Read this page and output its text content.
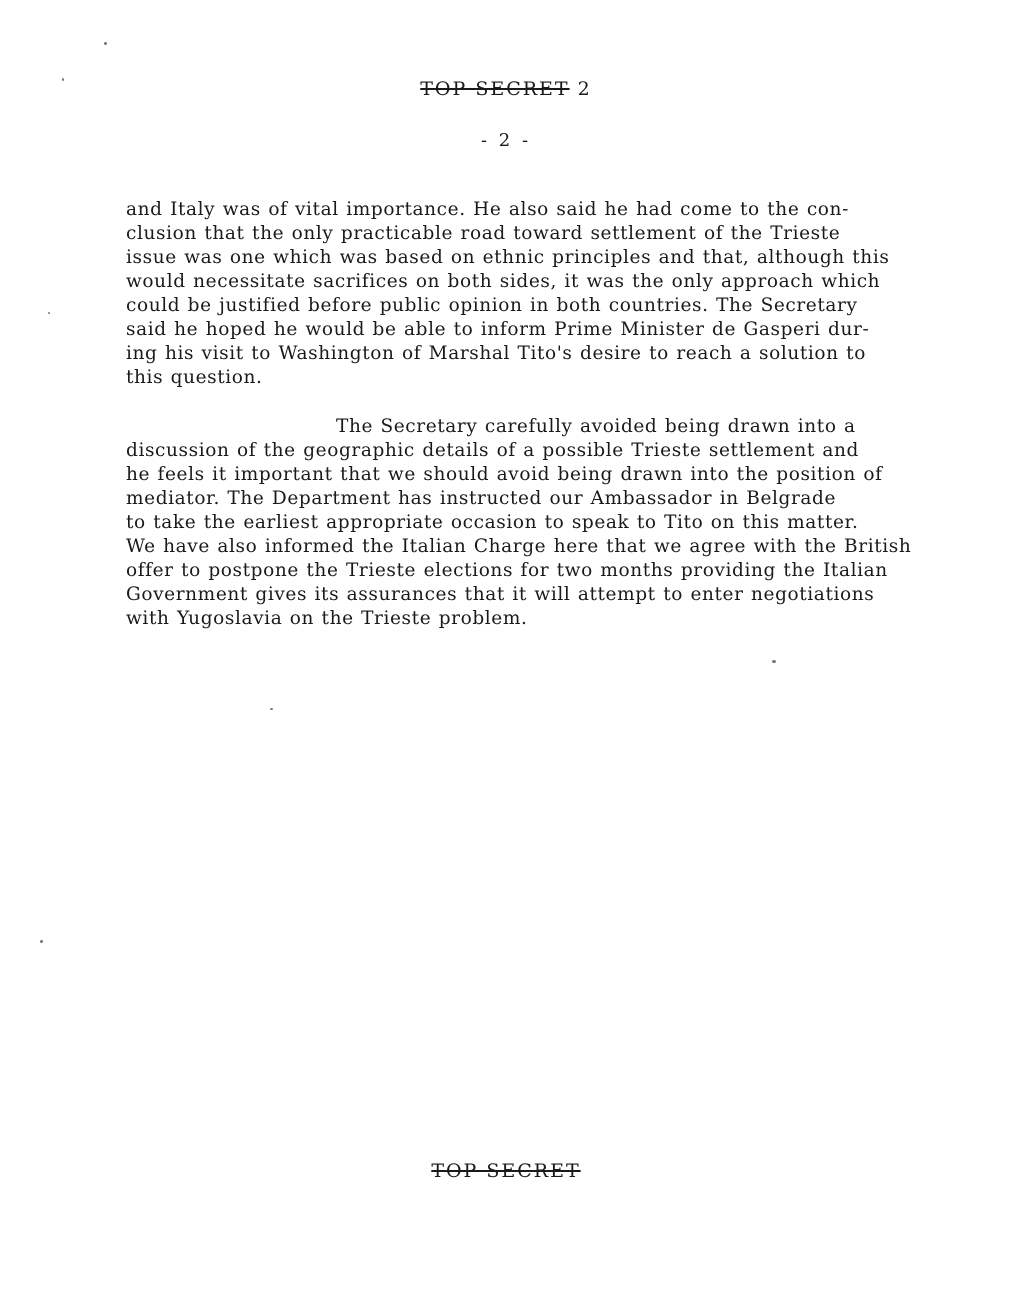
TOP SECRET 2
- 2 -
and Italy was of vital importance. He also said he had come to the con-
clusion that the only practicable road toward settlement of the Trieste
issue was one which was based on ethnic principles and that, although this
would necessitate sacrifices on both sides, it was the only approach which
could be justified before public opinion in both countries. The Secretary
said he hoped he would be able to inform Prime Minister de Gasperi dur-
ing his visit to Washington of Marshal Tito's desire to reach a solution to
this question.
The Secretary carefully avoided being drawn into a
discussion of the geographic details of a possible Trieste settlement and
he feels it important that we should avoid being drawn into the position of
mediator. The Department has instructed our Ambassador in Belgrade
to take the earliest appropriate occasion to speak to Tito on this matter.
We have also informed the Italian Charge here that we agree with the British
offer to postpone the Trieste elections for two months providing the Italian
Government gives its assurances that it will attempt to enter negotiations
with Yugoslavia on the Trieste problem.
TOP SECRET
